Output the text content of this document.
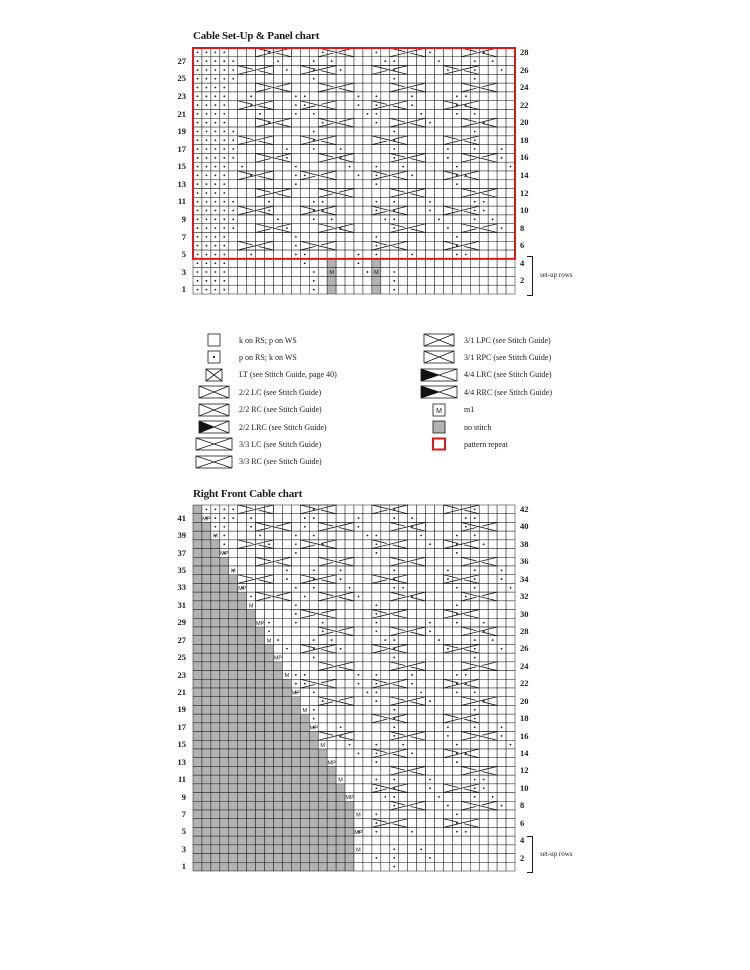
Cable Set-Up & Panel chart
M	M
27
25
23
21
19
17
15
13
11
9
7
5
3
1
28
26
24
22
20
18
16
14
12
10
8
6
4
2
set-up rows
k on RS; p on WS
p on RS; k on WS
LT (see Stitch Guide, page 40)
2/2 LC (see Stitch Guide)
2/2 RC (see Stitch Guide)
2/2 LRC (see Stitch Guide)
3/3 LC (see Stitch Guide)
3/3 RC (see Stitch Guide)
3/1 LPC (see Stitch Guide)
3/1 RPC (see Stitch Guide)
4/4 LRC (see Stitch Guide)
4/4 RRC (see Stitch Guide)
M	m1
no stitch
pattern repeat
Right Front Cable chart
MP
M
MP
M
MP
M
MP
M
MP
M
MP
M
MP
M
MP
M
MP
M
MP
M
41
39
37
35
33
31
29
27
25
23
21
19
17
15
13
11
9
7
5
3
1
42
40
38
36
34
32
30
28
26
24
22
20
18
16
14
12
10
8
6
4
2	set-up rows
